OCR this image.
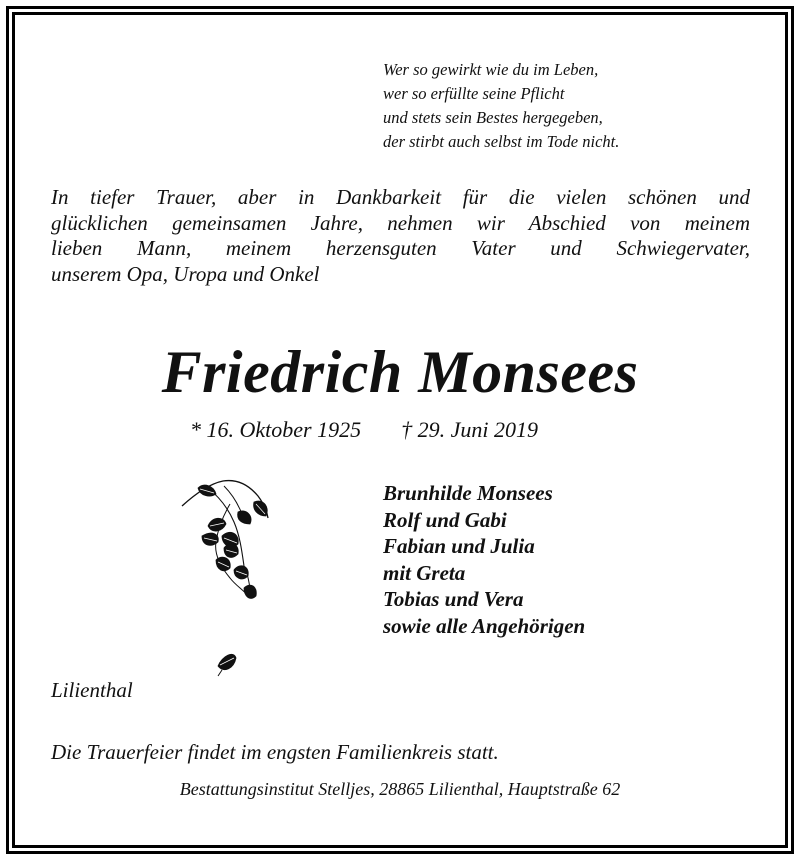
Wer so gewirkt wie du im Leben,
wer so erfüllte seine Pflicht
und stets sein Bestes hergegeben,
der stirbt auch selbst im Tode nicht.
In tiefer Trauer, aber in Dankbarkeit für die vielen schönen und
glücklichen gemeinsamen Jahre, nehmen wir Abschied von meinem
lieben Mann, meinem herzensguten Vater und Schwiegervater,
unserem Opa, Uropa und Onkel
Friedrich Monsees
* 16. Oktober 1925 † 29. Juni 2019
Brunhilde Monsees
Rolf und Gabi
Fabian und Julia
mit Greta
Tobias und Vera
sowie alle Angehörigen
Lilienthal
Die Trauerfeier findet im engsten Familienkreis statt.
Bestattungsinstitut Stelljes, 28865 Lilienthal, Hauptstraße 62
